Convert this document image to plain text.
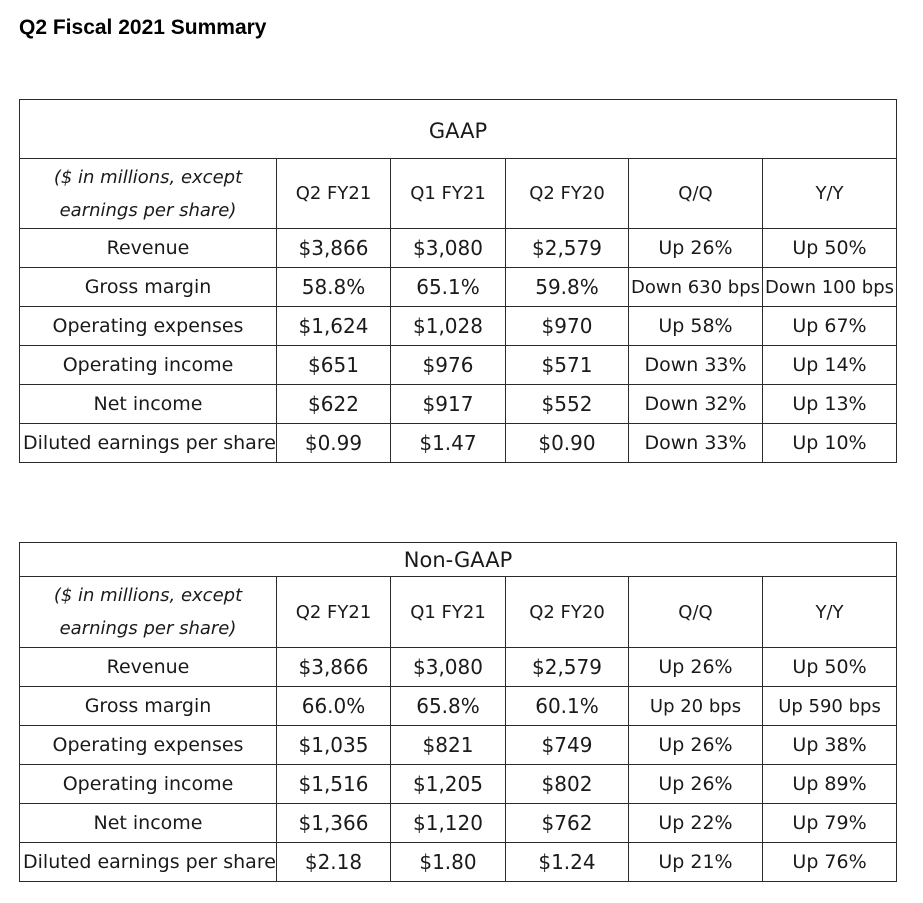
Q2 Fiscal 2021 Summary
GAAP					

($ in millions, except
earnings per share)	Q2 FY21	Q1 FY21	Q2 FY20	Q/Q	Y/Y
Revenue	$3,866	$3,080	$2,579	Up 26%	Up 50%
Gross margin	58.8%	65.1%	59.8%	Down 630 bps	Down 100 bps
Operating expenses	$1,624	$1,028	$970	Up 58%	Up 67%
Operating income	$651	$976	$571	Down 33%	Up 14%
Net income	$622	$917	$552	Down 32%	Up 13%
Diluted earnings per share	$0.99	$1.47	$0.90	Down 33%	Up 10%
Non-GAAP					

($ in millions, except
earnings per share)	Q2 FY21	Q1 FY21	Q2 FY20	Q/Q	Y/Y
Revenue	$3,866	$3,080	$2,579	Up 26%	Up 50%
Gross margin	66.0%	65.8%	60.1%	Up 20 bps	Up 590 bps
Operating expenses	$1,035	$821	$749	Up 26%	Up 38%
Operating income	$1,516	$1,205	$802	Up 26%	Up 89%
Net income	$1,366	$1,120	$762	Up 22%	Up 79%
Diluted earnings per share	$2.18	$1.80	$1.24	Up 21%	Up 76%
